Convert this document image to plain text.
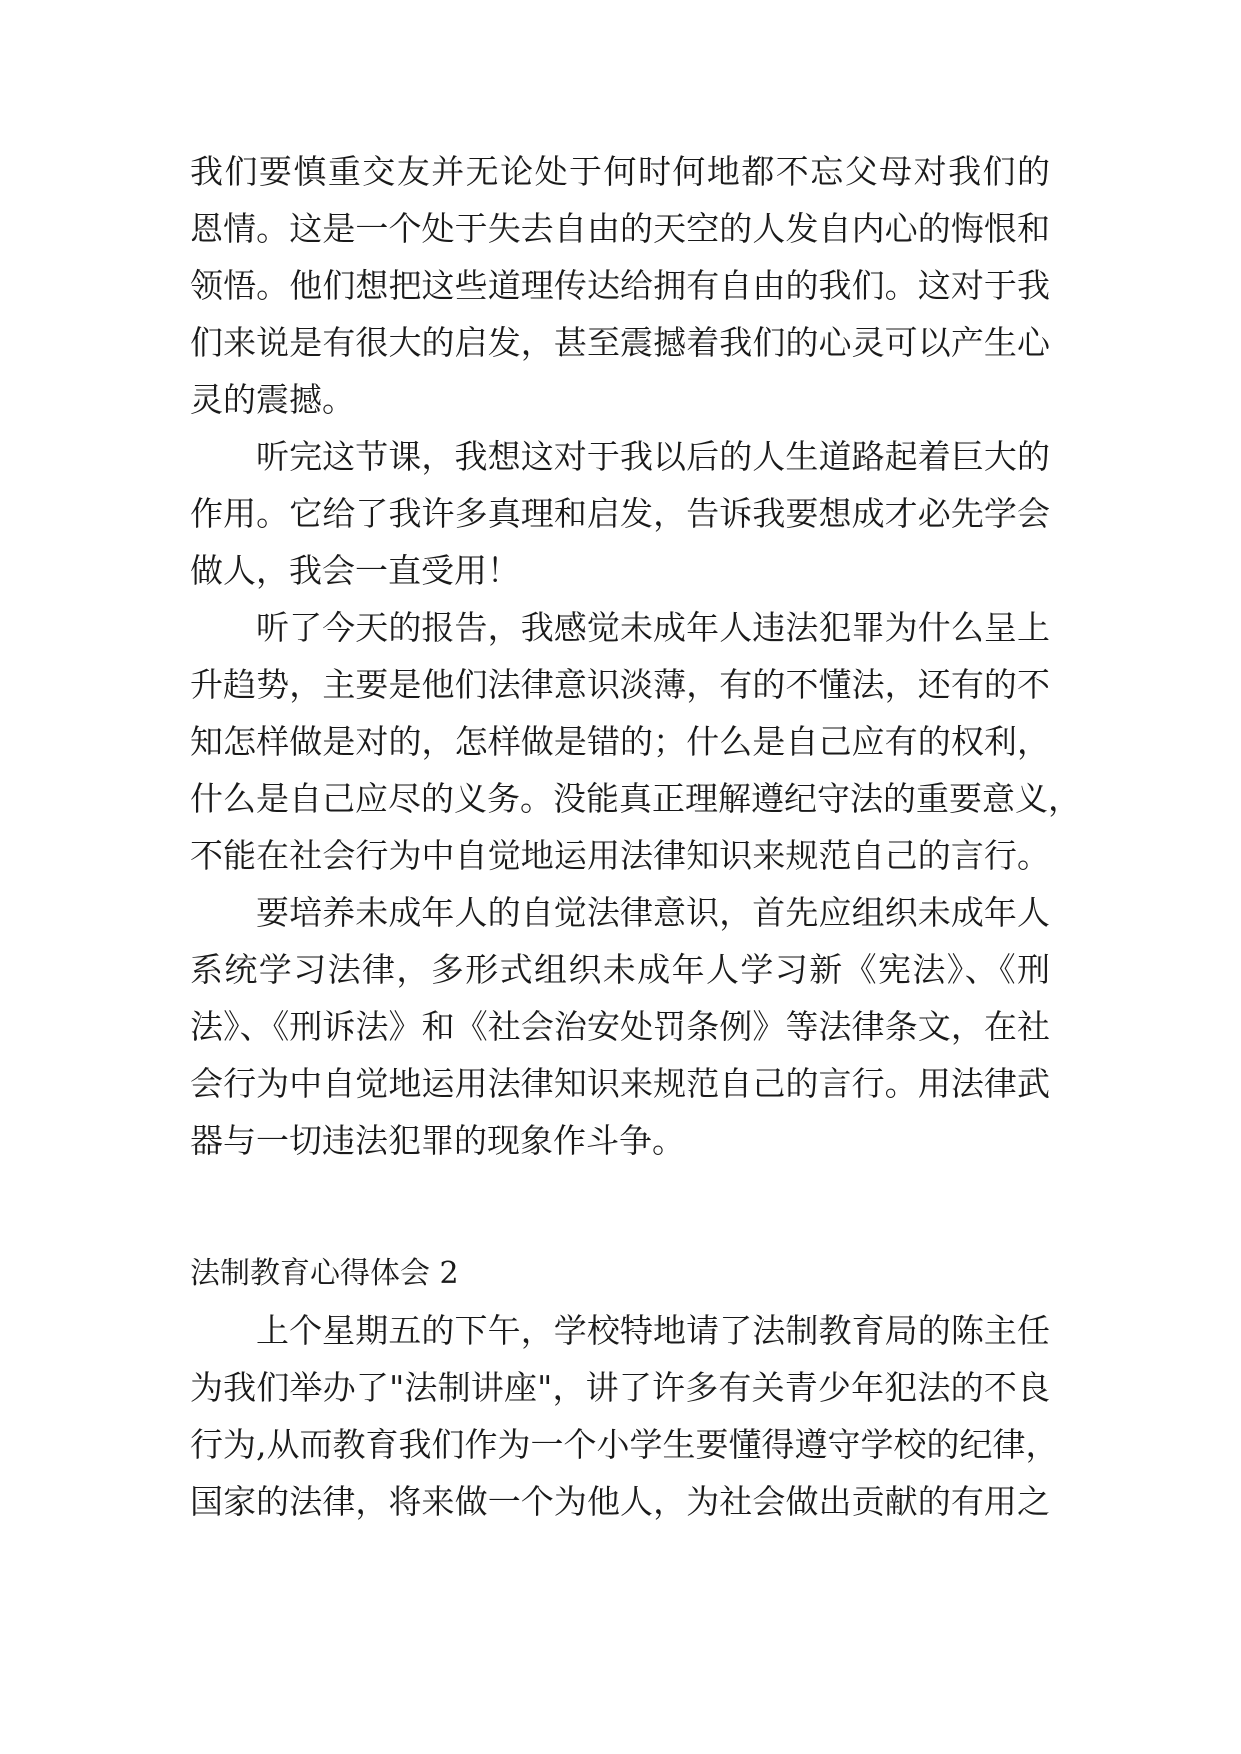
我们要慎重交友并无论处于何时何地都不忘父母对我们的
恩情。这是一个处于失去自由的天空的人发自内心的悔恨和
领悟。他们想把这些道理传达给拥有自由的我们。这对于我
们来说是有很大的启发，甚至震撼着我们的心灵可以产生心
灵的震撼。
听完这节课，我想这对于我以后的人生道路起着巨大的
作用。它给了我许多真理和启发，告诉我要想成才必先学会
做人，我会一直受用！
听了今天的报告，我感觉未成年人违法犯罪为什么呈上
升趋势，主要是他们法律意识淡薄，有的不懂法，还有的不
知怎样做是对的，怎样做是错的；什么是自己应有的权利，
什么是自己应尽的义务。没能真正理解遵纪守法的重要意义，
不能在社会行为中自觉地运用法律知识来规范自己的言行。
要培养未成年人的自觉法律意识，首先应组织未成年人
系统学习法律，多形式组织未成年人学习新《宪法》、《刑
法》、《刑诉法》和《社会治安处罚条例》等法律条文，在社
会行为中自觉地运用法律知识来规范自己的言行。用法律武
器与一切违法犯罪的现象作斗争。
法制教育心得体会 2
上个星期五的下午，学校特地请了法制教育局的陈主任
为我们举办了"法制讲座"，讲了许多有关青少年犯法的不良
行为,从而教育我们作为一个小学生要懂得遵守学校的纪律，
国家的法律，将来做一个为他人，为社会做出贡献的有用之
